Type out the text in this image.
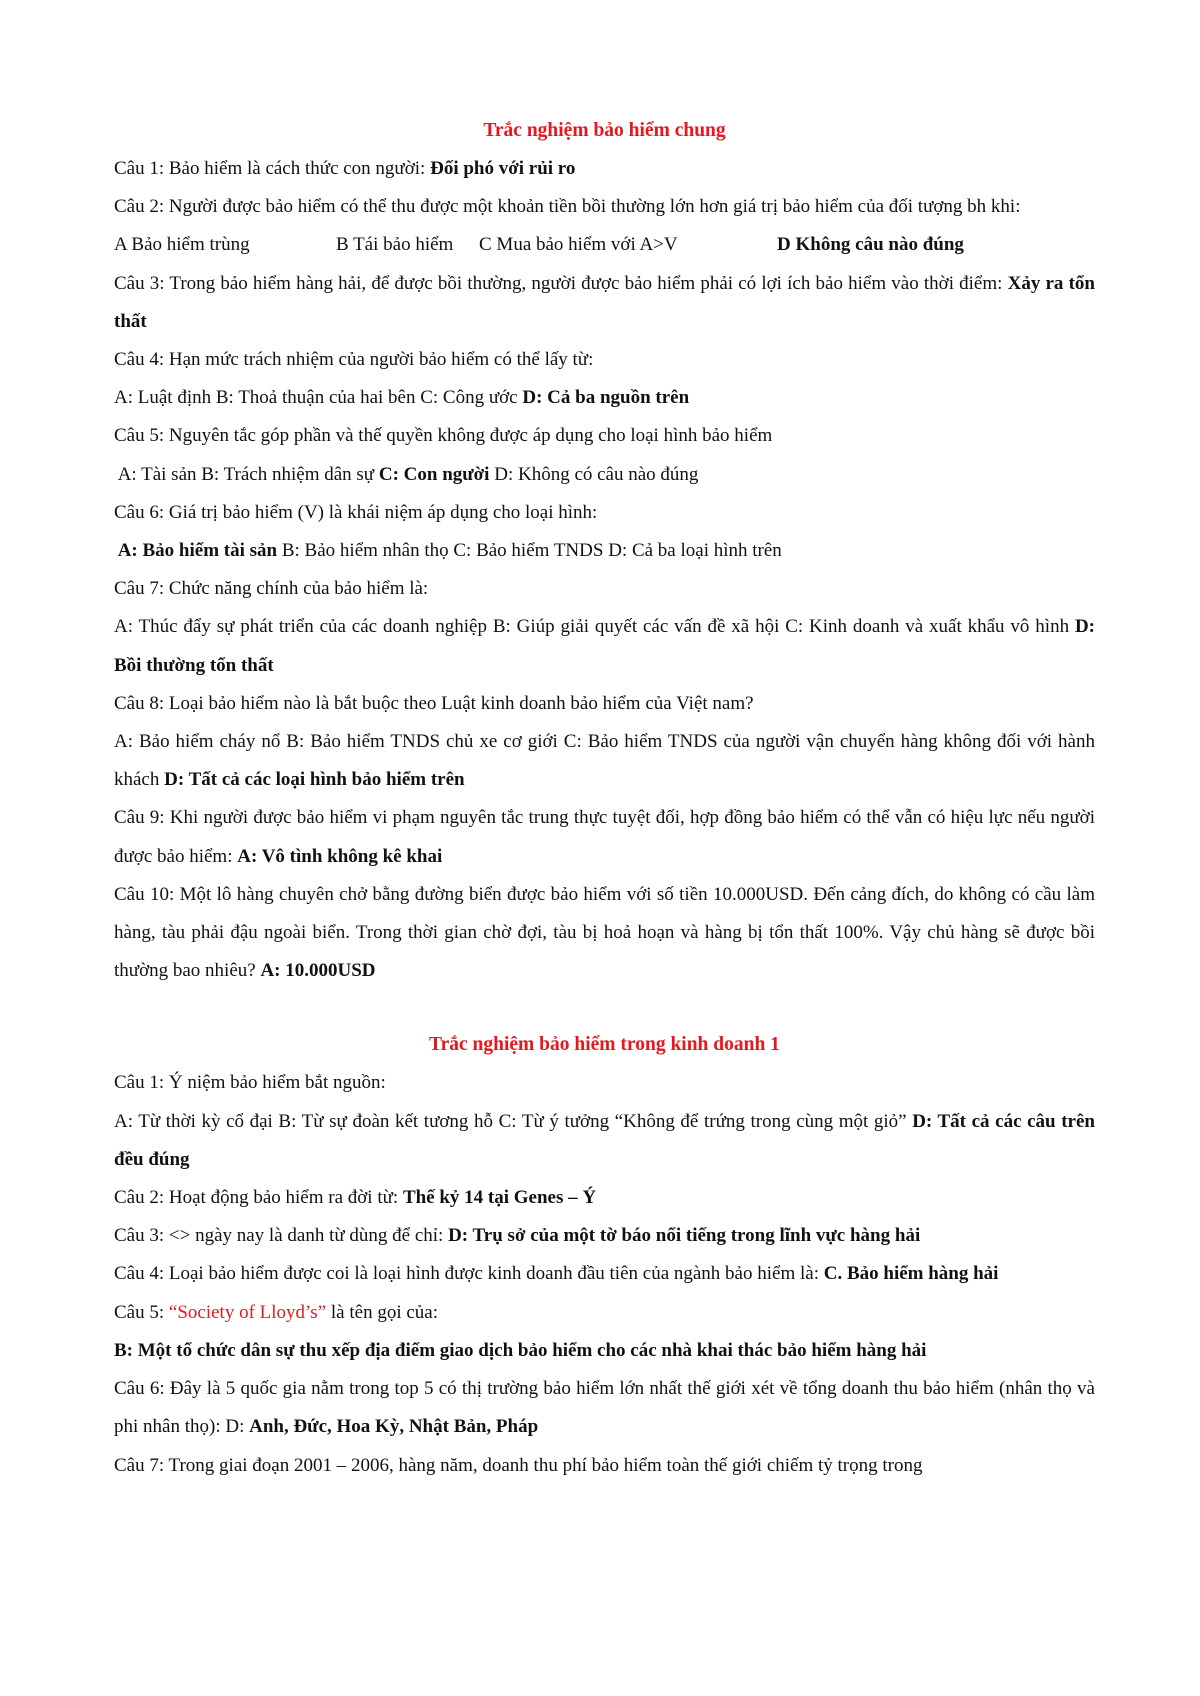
Trắc nghiệm bảo hiểm chung

Câu 1: Bảo hiểm là cách thức con người: Đối phó với rủi ro

Câu 2: Người được bảo hiểm có thể thu được một khoản tiền bồi thường lớn hơn giá trị bảo hiểm của đối tượng bh khi:

A Bảo hiểm trùng	B Tái bảo hiểm	C Mua bảo hiểm với A>V	D Không câu nào đúng

Câu 3: Trong bảo hiểm hàng hải, để được bồi thường, người được bảo hiểm phải có lợi ích bảo hiểm vào thời điểm: Xảy ra tổn thất

Câu 4: Hạn mức trách nhiệm của người bảo hiểm có thể lấy từ:

A: Luật định B: Thoả thuận của hai bên C: Công ước D: Cả ba nguồn trên

Câu 5: Nguyên tắc góp phần và thế quyền không được áp dụng cho loại hình bảo hiểm

A: Tài sản B: Trách nhiệm dân sự C: Con người D: Không có câu nào đúng

Câu 6: Giá trị bảo hiểm (V) là khái niệm áp dụng cho loại hình:

A: Bảo hiểm tài sản B: Bảo hiểm nhân thọ C: Bảo hiểm TNDS D: Cả ba loại hình trên

Câu 7: Chức năng chính của bảo hiểm là:

A: Thúc đẩy sự phát triển của các doanh nghiệp B: Giúp giải quyết các vấn đề xã hội C: Kinh doanh và xuất khẩu vô hình D: Bồi thường tổn thất

Câu 8: Loại bảo hiểm nào là bắt buộc theo Luật kinh doanh bảo hiểm của Việt nam?

A: Bảo hiểm cháy nổ B: Bảo hiểm TNDS chủ xe cơ giới C: Bảo hiểm TNDS của người vận chuyển hàng không đối với hành khách D: Tất cả các loại hình bảo hiểm trên

Câu 9: Khi người được bảo hiểm vi phạm nguyên tắc trung thực tuyệt đối, hợp đồng bảo hiểm có thể vẫn có hiệu lực nếu người được bảo hiểm: A: Vô tình không kê khai

Câu 10: Một lô hàng chuyên chở bằng đường biển được bảo hiểm với số tiền 10.000USD. Đến cảng đích, do không có cầu làm hàng, tàu phải đậu ngoài biển. Trong thời gian chờ đợi, tàu bị hoả hoạn và hàng bị tổn thất 100%. Vậy chủ hàng sẽ được bồi thường bao nhiêu? A: 10.000USD

Trắc nghiệm bảo hiểm trong kinh doanh 1

Câu 1: Ý niệm bảo hiểm bắt nguồn:

A: Từ thời kỳ cổ đại B: Từ sự đoàn kết tương hỗ C: Từ ý tưởng “Không để trứng trong cùng một giỏ” D: Tất cả các câu trên đều đúng

Câu 2: Hoạt động bảo hiểm ra đời từ: Thế kỷ 14 tại Genes – Ý

Câu 3: <> ngày nay là danh từ dùng để chỉ: D: Trụ sở của một tờ báo nổi tiếng trong lĩnh vực hàng hải

Câu 4: Loại bảo hiểm được coi là loại hình được kinh doanh đầu tiên của ngành bảo hiểm là: C. Bảo hiểm hàng hải

Câu 5: “Society of Lloyd’s” là tên gọi của:

B: Một tổ chức dân sự thu xếp địa điểm giao dịch bảo hiểm cho các nhà khai thác bảo hiểm hàng hải

Câu 6: Đây là 5 quốc gia nằm trong top 5 có thị trường bảo hiểm lớn nhất thế giới xét về tổng doanh thu bảo hiểm (nhân thọ và phi nhân thọ): D: Anh, Đức, Hoa Kỳ, Nhật Bản, Pháp

Câu 7: Trong giai đoạn 2001 – 2006, hàng năm, doanh thu phí bảo hiểm toàn thế giới chiếm tỷ trọng trong
